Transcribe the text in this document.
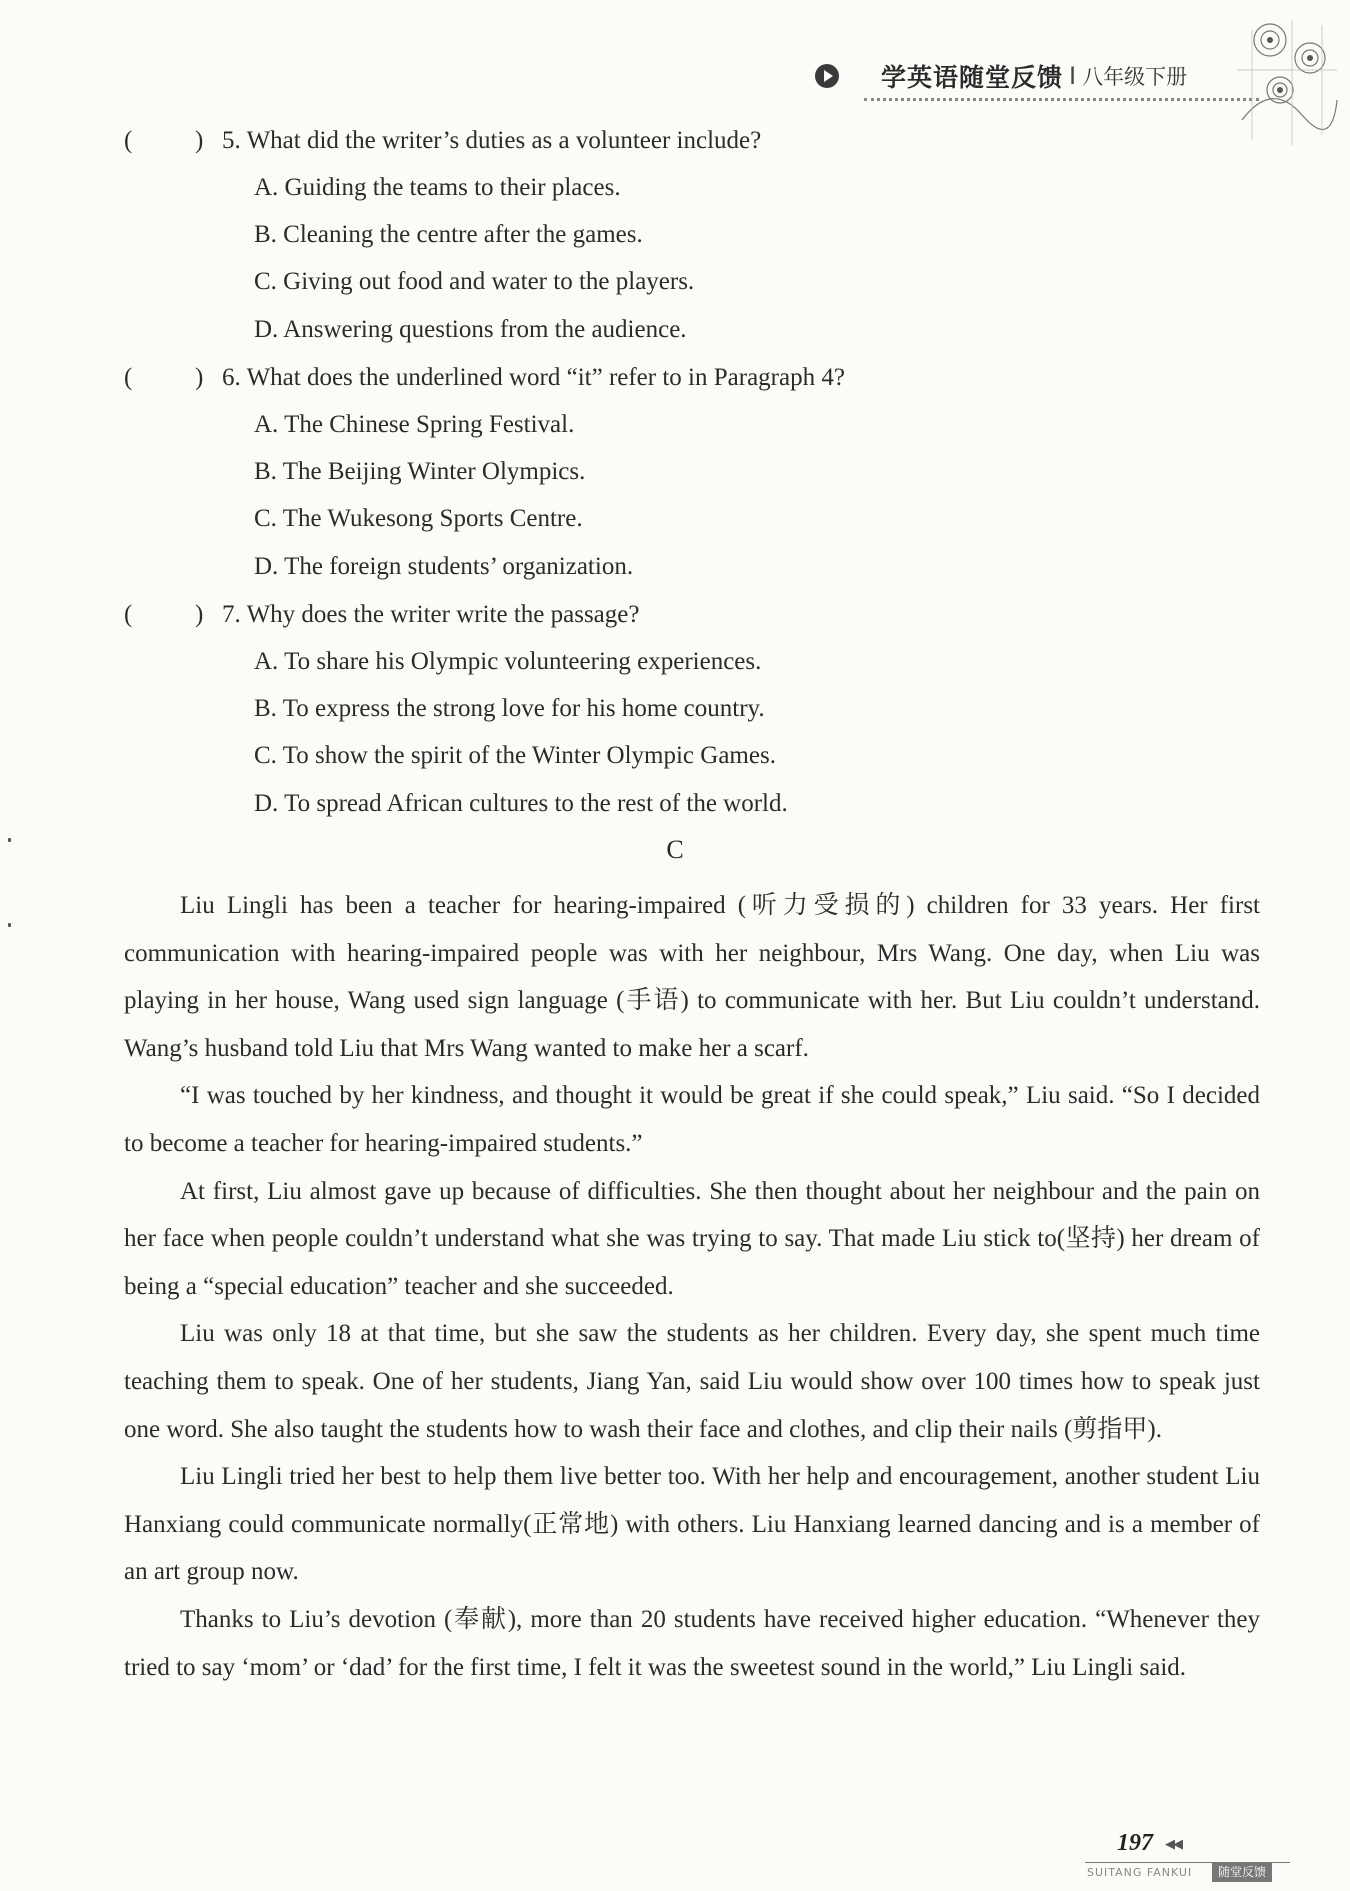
学英语随堂反馈 I 八年级下册
(	) 5. What did the writer’s duties as a volunteer include?
A. Guiding the teams to their places.
B. Cleaning the centre after the games.
C. Giving out food and water to the players.
D. Answering questions from the audience.
(	) 6. What does the underlined word “it” refer to in Paragraph 4?
A. The Chinese Spring Festival.
B. The Beijing Winter Olympics.
C. The Wukesong Sports Centre.
D. The foreign students’ organization.
(	) 7. Why does the writer write the passage?
A. To share his Olympic volunteering experiences.
B. To express the strong love for his home country.
C. To show the spirit of the Winter Olympic Games.
D. To spread African cultures to the rest of the world.
C

Liu Lingli has been a teacher for hearing-impaired (听力受损的) children for 33 years. Her first communication with hearing-impaired people was with her neighbour, Mrs Wang. One day, when Liu was playing in her house, Wang used sign language (手语) to communicate with her. But Liu couldn’t understand. Wang’s husband told Liu that Mrs Wang wanted to make her a scarf.

“I was touched by her kindness, and thought it would be great if she could speak,” Liu said. “So I decided to become a teacher for hearing-impaired students.”

At first, Liu almost gave up because of difficulties. She then thought about her neighbour and the pain on her face when people couldn’t understand what she was trying to say. That made Liu stick to(坚持) her dream of being a “special education” teacher and she succeeded.

Liu was only 18 at that time, but she saw the students as her children. Every day, she spent much time teaching them to speak. One of her students, Jiang Yan, said Liu would show over 100 times how to speak just one word. She also taught the students how to wash their face and clothes, and clip their nails (剪指甲).

Liu Lingli tried her best to help them live better too. With her help and encouragement, another student Liu Hanxiang could communicate normally(正常地) with others. Liu Hanxiang learned dancing and is a member of an art group now.

Thanks to Liu’s devotion (奉献), more than 20 students have received higher education. “Whenever they tried to say ‘mom’ or ‘dad’ for the first time, I felt it was the sweetest sound in the world,” Liu Lingli said.

197 ◀◀
SUITANG FANKUI	随堂反馈
